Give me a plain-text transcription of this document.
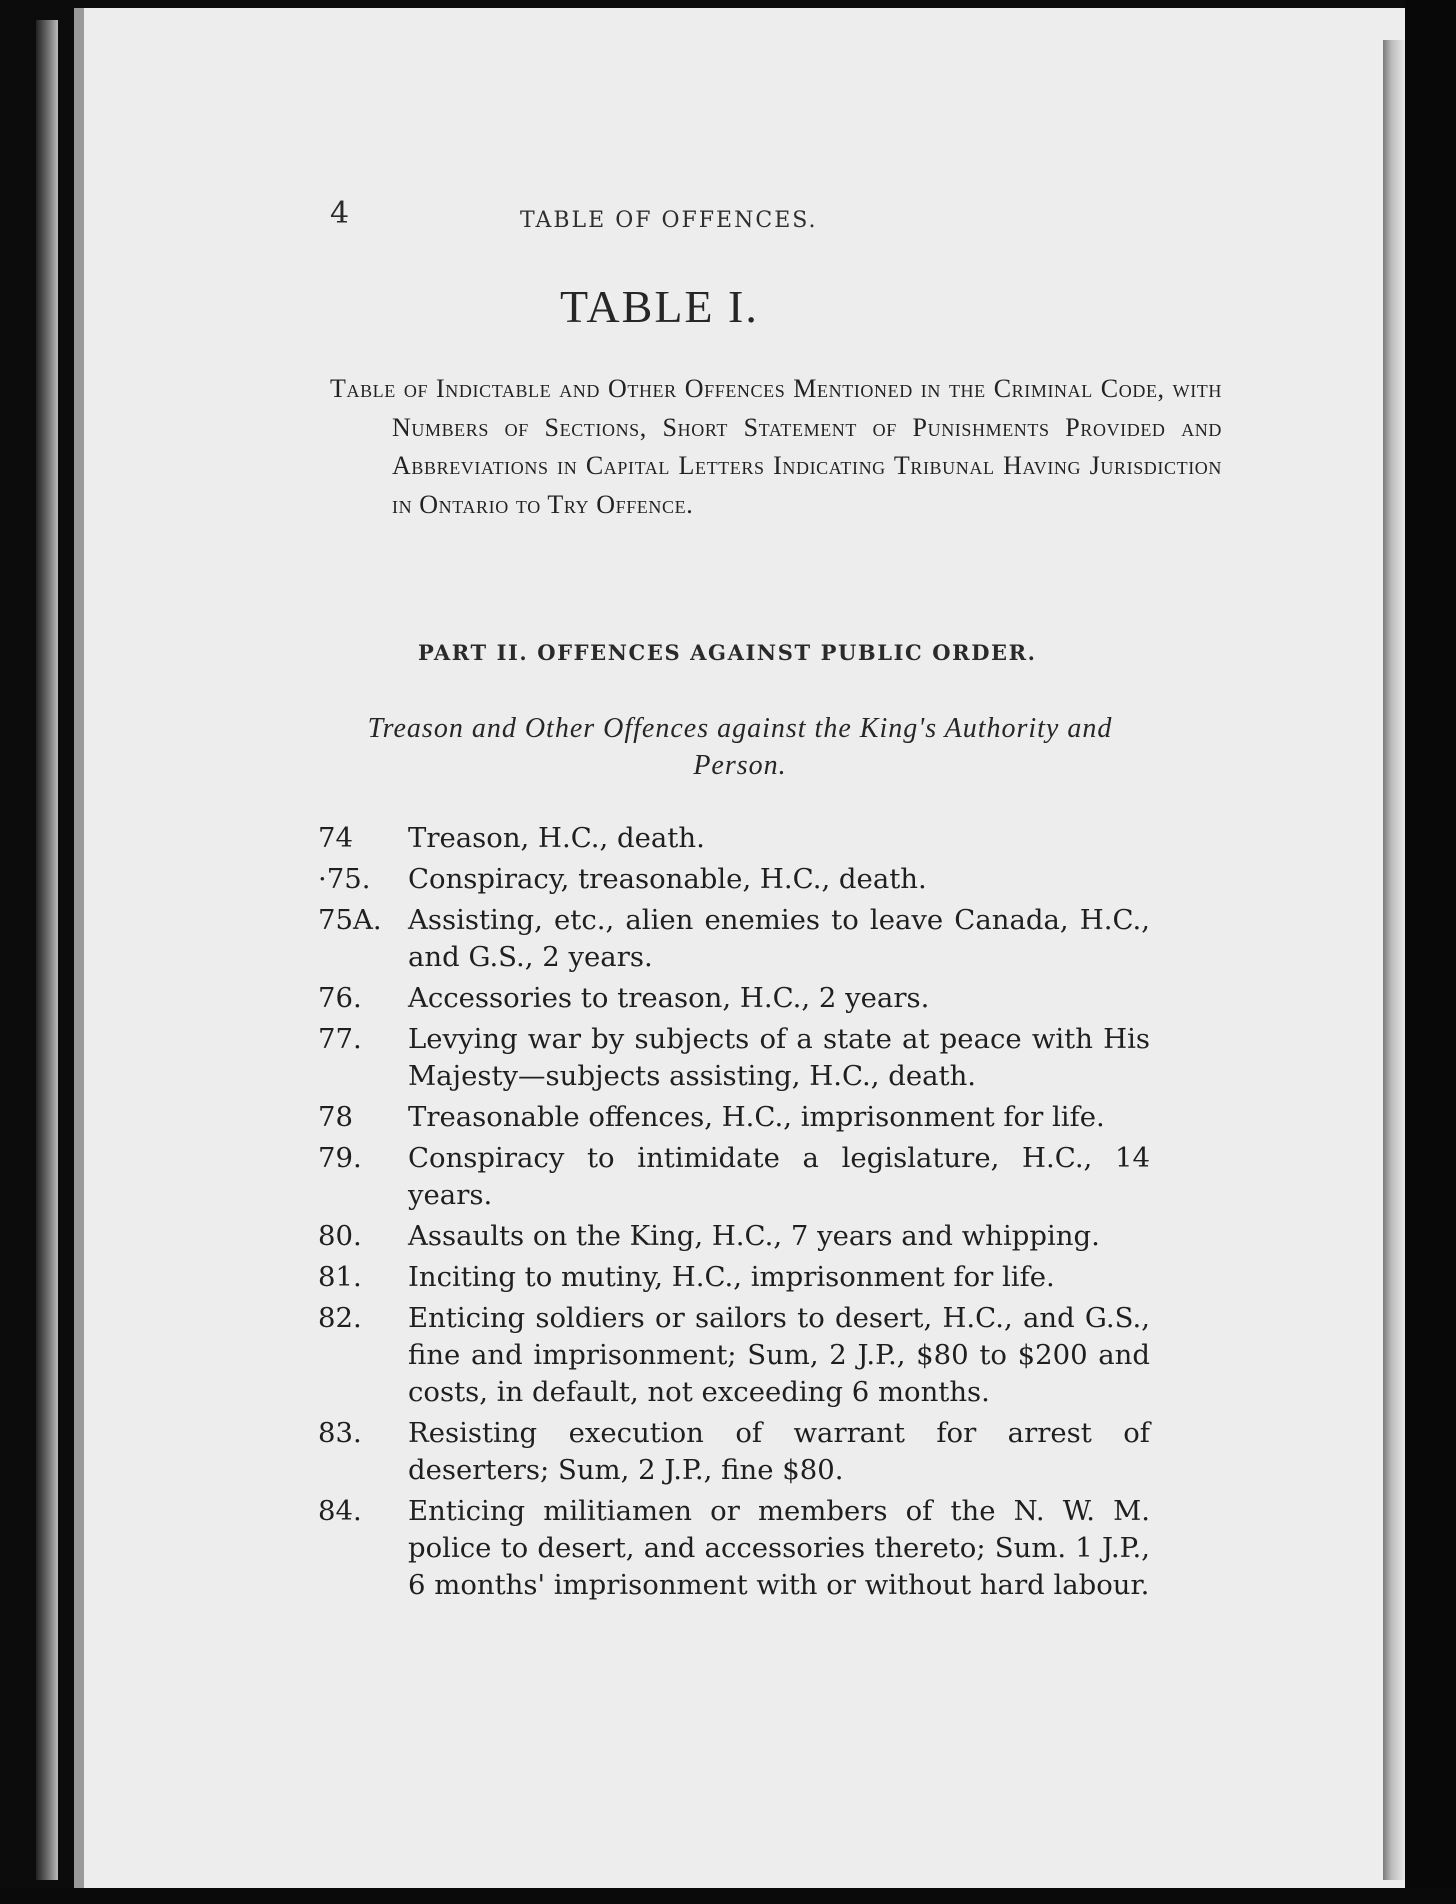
4	TABLE OF OFFENCES.
TABLE I.
Table of Indictable and Other Offences Mentioned in the Criminal Code, with Numbers of Sections, Short Statement of Punishments Provided and Abbreviations in Capital Letters Indicating Tribunal Having Jurisdiction in Ontario to Try Offence.
PART II. OFFENCES AGAINST PUBLIC ORDER.
Treason and Other Offences against the King's Authority and Person.
74	Treason, H.C., death.
·75.	Conspiracy, treasonable, H.C., death.
75A. Assisting, etc., alien enemies to leave Canada, H.C., and G.S., 2 years.
76.	Accessories to treason, H.C., 2 years.
77.	Levying war by subjects of a state at peace with His Majesty—subjects assisting, H.C., death.
78	Treasonable offences, H.C., imprisonment for life.
79.	Conspiracy to intimidate a legislature, H.C., 14 years.
80.	Assaults on the King, H.C., 7 years and whipping.
81.	Inciting to mutiny, H.C., imprisonment for life.
82.	Enticing soldiers or sailors to desert, H.C., and G.S., fine and imprisonment; Sum, 2 J.P., $80 to $200 and costs, in default, not exceeding 6 months.
83.	Resisting execution of warrant for arrest of deserters; Sum, 2 J.P., fine $80.
84.	Enticing militiamen or members of the N. W. M. police to desert, and accessories thereto; Sum. 1 J.P., 6 months' imprisonment with or without hard labour.
